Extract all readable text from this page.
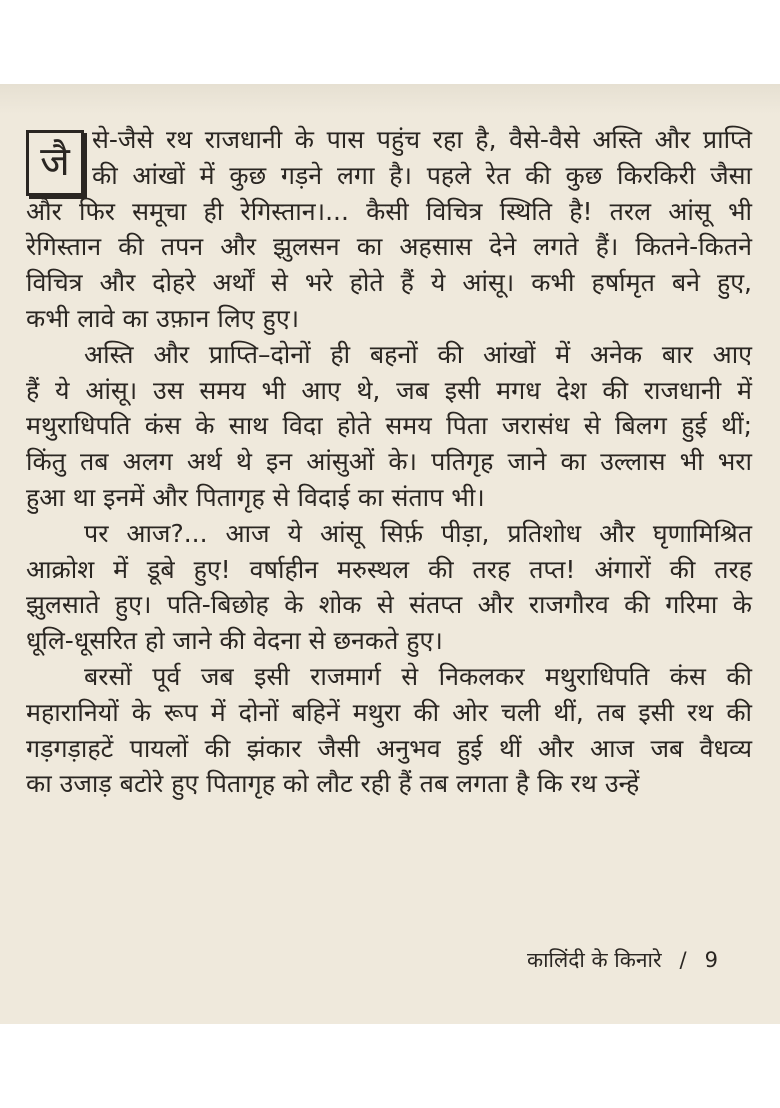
जै से-जैसे रथ राजधानी के पास पहुंच रहा है, वैसे-वैसे अस्ति और प्राप्ति
की आंखों में कुछ गड़ने लगा है। पहले रेत की कुछ किरकिरी जैसा
और फिर समूचा ही रेगिस्तान।... कैसी विचित्र स्थिति है! तरल आंसू भी
रेगिस्तान की तपन और झुलसन का अहसास देने लगते हैं। कितने-कितने
विचित्र और दोहरे अर्थों से भरे होते हैं ये आंसू। कभी हर्षामृत बने हुए,
कभी लावे का उफ़ान लिए हुए।
अस्ति और प्राप्ति–दोनों ही बहनों की आंखों में अनेक बार आए
हैं ये आंसू। उस समय भी आए थे, जब इसी मगध देश की राजधानी में
मथुराधिपति कंस के साथ विदा होते समय पिता जरासंध से बिलग हुई थीं;
किंतु तब अलग अर्थ थे इन आंसुओं के। पतिगृह जाने का उल्लास भी भरा
हुआ था इनमें और पितागृह से विदाई का संताप भी।
पर आज?... आज ये आंसू सिर्फ़ पीड़ा, प्रतिशोध और घृणामिश्रित
आक्रोश में डूबे हुए! वर्षाहीन मरुस्थल की तरह तप्त! अंगारों की तरह
झुलसाते हुए। पति-बिछोह के शोक से संतप्त और राजगौरव की गरिमा के
धूलि-धूसरित हो जाने की वेदना से छनकते हुए।
बरसों पूर्व जब इसी राजमार्ग से निकलकर मथुराधिपति कंस की
महारानियों के रूप में दोनों बहिनें मथुरा की ओर चली थीं, तब इसी रथ की
गड़गड़ाहटें पायलों की झंकार जैसी अनुभव हुई थीं और आज जब वैधव्य
का उजाड़ बटोरे हुए पितागृह को लौट रही हैं तब लगता है कि रथ उन्हें
कालिंदी के किनारे / 9
